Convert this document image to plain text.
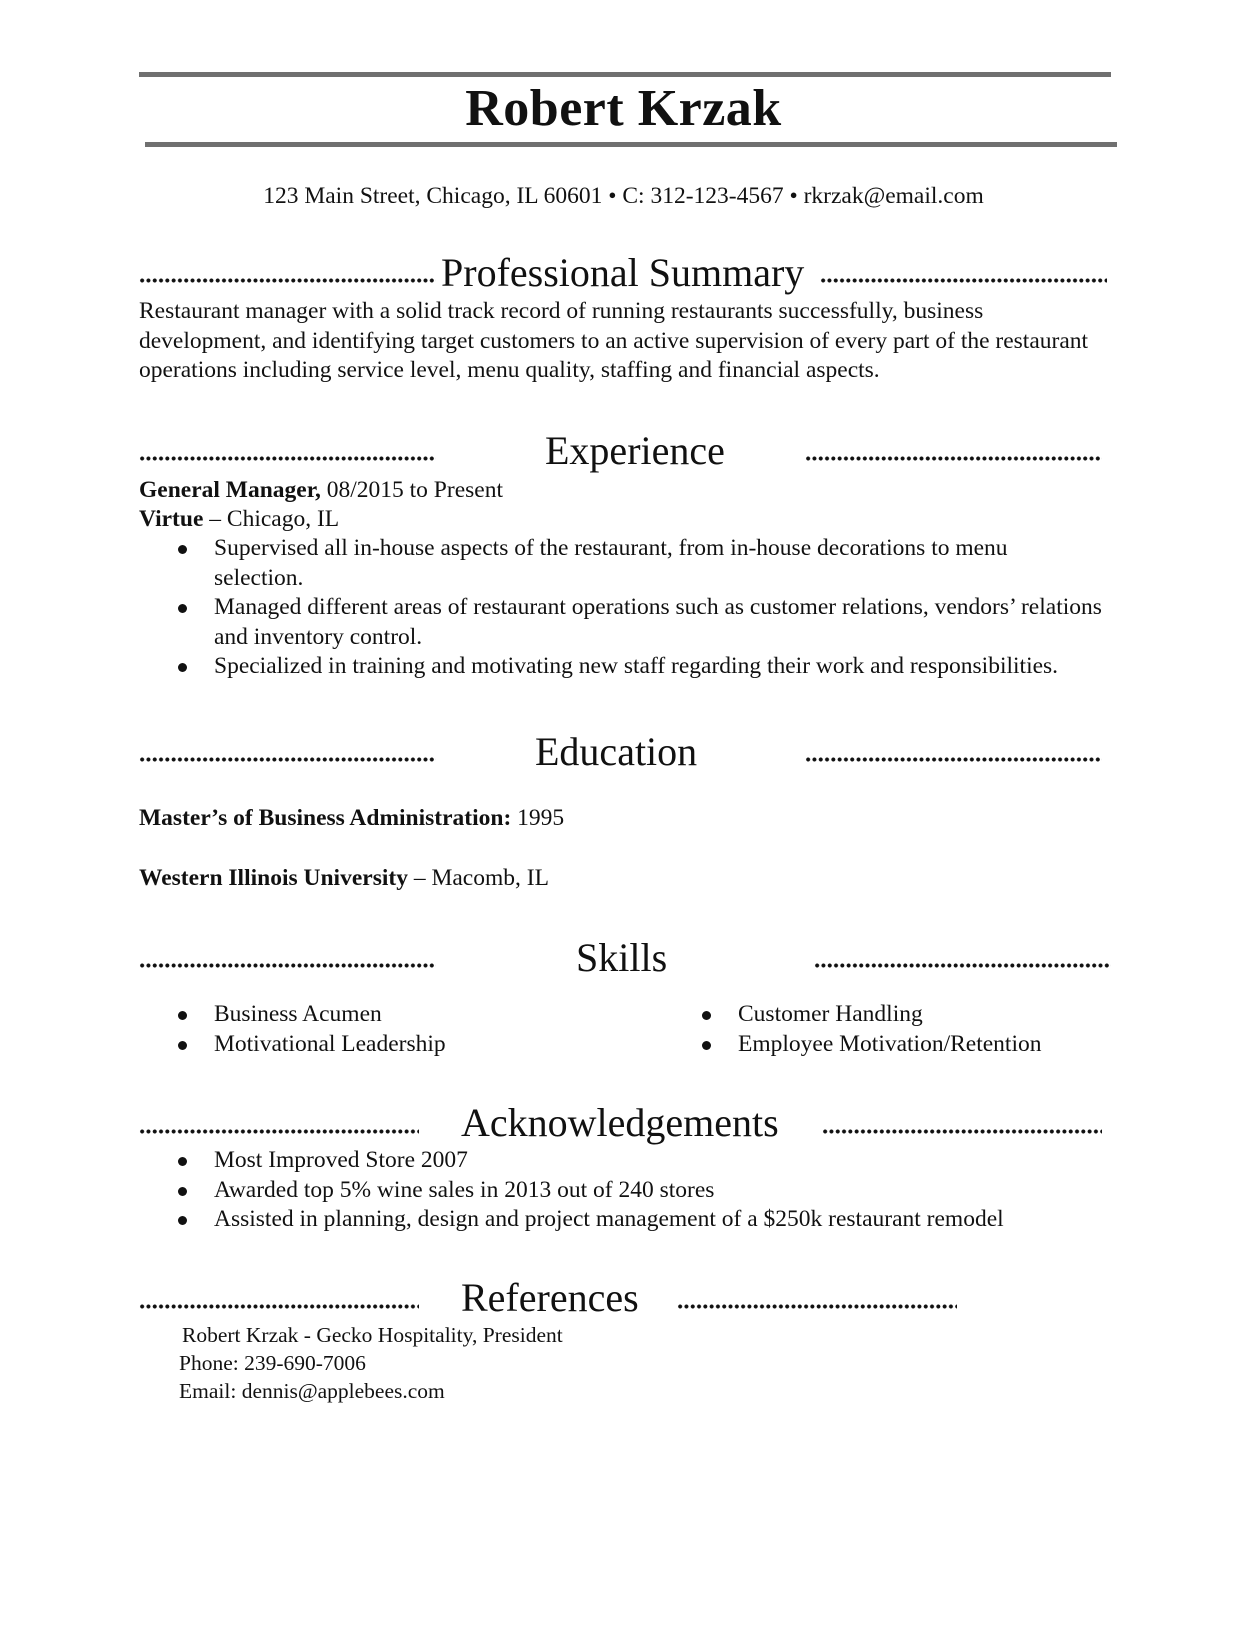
Robert Krzak
123 Main Street, Chicago, IL 60601 • C: 312-123-4567 • rkrzak@email.com
Professional Summary
Restaurant manager with a solid track record of running restaurants successfully, business development, and identifying target customers to an active supervision of every part of the restaurant operations including service level, menu quality, staffing and financial aspects.
Experience
General Manager, 08/2015 to Present
Virtue – Chicago, IL
Supervised all in-house aspects of the restaurant, from in-house decorations to menu selection.
Managed different areas of restaurant operations such as customer relations, vendors’ relations and inventory control.
Specialized in training and motivating new staff regarding their work and responsibilities.
Education
Master’s of Business Administration: 1995
Western Illinois University – Macomb, IL
Skills
Business Acumen
Motivational Leadership
Customer Handling
Employee Motivation/Retention
Acknowledgements
Most Improved Store 2007
Awarded top 5% wine sales in 2013 out of 240 stores
Assisted in planning, design and project management of a $250k restaurant remodel
References
Robert Krzak - Gecko Hospitality, President
Phone: 239-690-7006
Email: dennis@applebees.com
